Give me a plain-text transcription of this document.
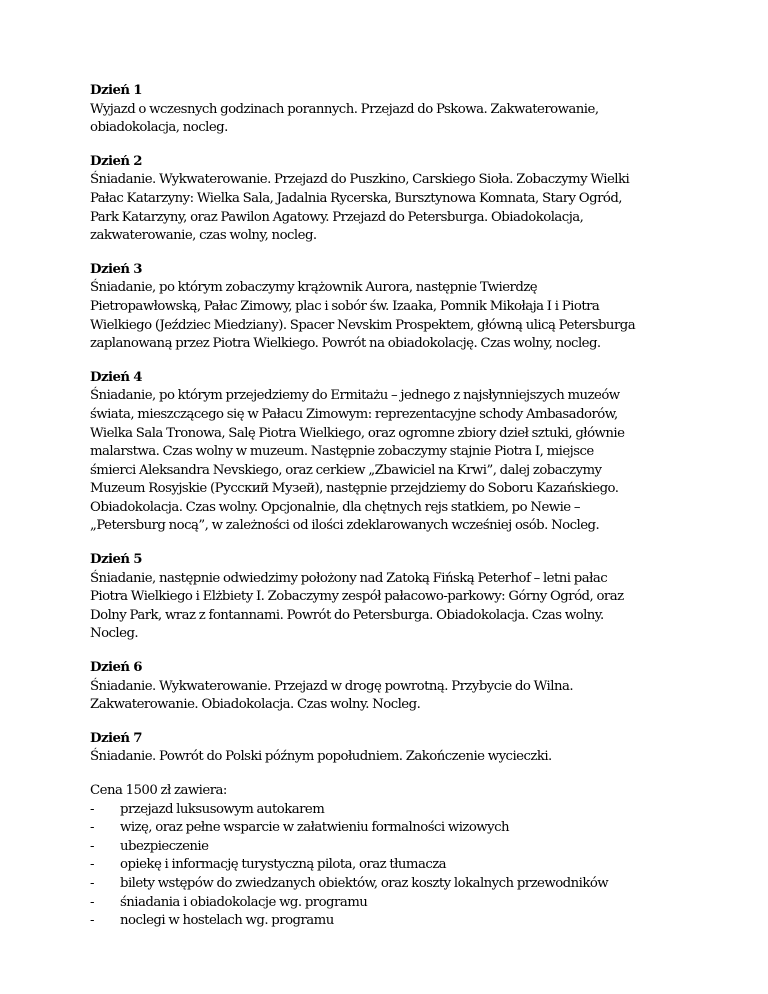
Dzień 1
Wyjazd o wczesnych godzinach porannych. Przejazd do Pskowa. Zakwaterowanie,
obiadokolacja, nocleg.
Dzień 2
Śniadanie. Wykwaterowanie. Przejazd do Puszkino, Carskiego Sioła. Zobaczymy Wielki
Pałac Katarzyny: Wielka Sala, Jadalnia Rycerska, Bursztynowa Komnata, Stary Ogród,
Park Katarzyny, oraz Pawilon Agatowy. Przejazd do Petersburga. Obiadokolacja,
zakwaterowanie, czas wolny, nocleg.
Dzień 3
Śniadanie, po którym zobaczymy krążownik Aurora, następnie Twierdzę
Pietropawłowską, Pałac Zimowy, plac i sobór św. Izaaka, Pomnik Mikołaja I i Piotra
Wielkiego (Jeździec Miedziany). Spacer Nevskim Prospektem, główną ulicą Petersburga
zaplanowaną przez Piotra Wielkiego. Powrót na obiadokolację. Czas wolny, nocleg.
Dzień 4
Śniadanie, po którym przejedziemy do Ermitażu – jednego z najsłynniejszych muzeów
świata, mieszczącego się w Pałacu Zimowym: reprezentacyjne schody Ambasadorów,
Wielka Sala Tronowa, Salę Piotra Wielkiego, oraz ogromne zbiory dzieł sztuki, głównie
malarstwa. Czas wolny w muzeum. Następnie zobaczymy stajnie Piotra I, miejsce
śmierci Aleksandra Nevskiego, oraz cerkiew „Zbawiciel na Krwi”, dalej zobaczymy
Muzeum Rosyjskie (Русский Музей), następnie przejdziemy do Soboru Kazańskiego.
Obiadokolacja. Czas wolny. Opcjonalnie, dla chętnych rejs statkiem, po Newie –
„Petersburg nocą”, w zależności od ilości zdeklarowanych wcześniej osób. Nocleg.
Dzień 5
Śniadanie, następnie odwiedzimy położony nad Zatoką Fińską Peterhof – letni pałac
Piotra Wielkiego i Elżbiety I. Zobaczymy zespół pałacowo-parkowy: Górny Ogród, oraz
Dolny Park, wraz z fontannami. Powrót do Petersburga. Obiadokolacja. Czas wolny.
Nocleg.
Dzień 6
Śniadanie. Wykwaterowanie. Przejazd w drogę powrotną. Przybycie do Wilna.
Zakwaterowanie. Obiadokolacja. Czas wolny. Nocleg.
Dzień 7
Śniadanie. Powrót do Polski późnym popołudniem. Zakończenie wycieczki.
Cena 1500 zł zawiera:
- przejazd luksusowym autokarem
- wizę, oraz pełne wsparcie w załatwieniu formalności wizowych
- ubezpieczenie
- opiekę i informację turystyczną pilota, oraz tłumacza
- bilety wstępów do zwiedzanych obiektów, oraz koszty lokalnych przewodników
- śniadania i obiadokolacje wg. programu
- noclegi w hostelach wg. programu
